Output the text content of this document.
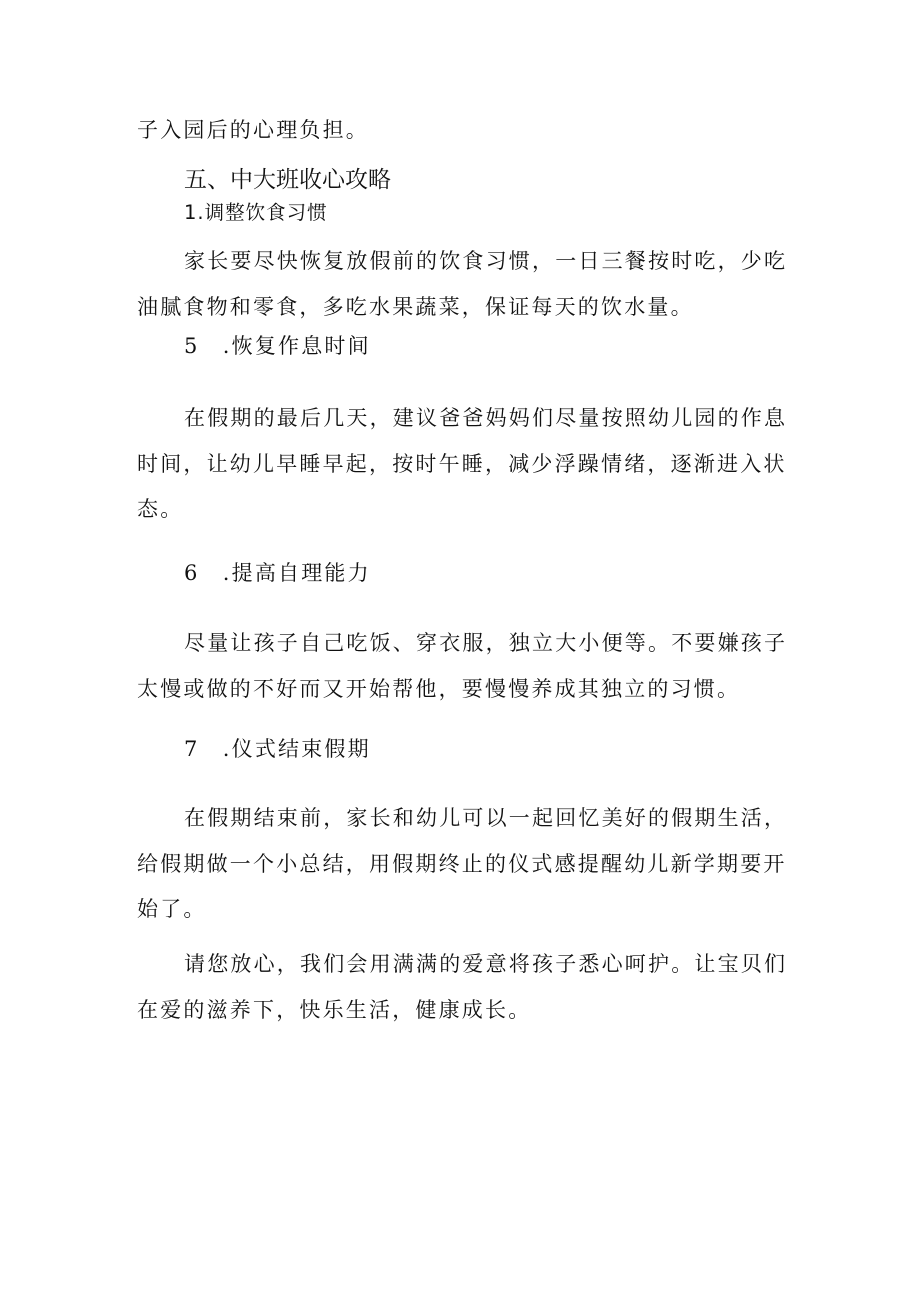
子入园后的心理负担。

五、中大班收心攻略

1.调整饮食习惯

家长要尽快恢复放假前的饮食习惯，一日三餐按时吃，少吃油腻食物和零食，多吃水果蔬菜，保证每天的饮水量。

5　.恢复作息时间

在假期的最后几天，建议爸爸妈妈们尽量按照幼儿园的作息时间，让幼儿早睡早起，按时午睡，减少浮躁情绪，逐渐进入状态。

6　.提高自理能力

尽量让孩子自己吃饭、穿衣服，独立大小便等。不要嫌孩子太慢或做的不好而又开始帮他，要慢慢养成其独立的习惯。

7　.仪式结束假期

在假期结束前，家长和幼儿可以一起回忆美好的假期生活，给假期做一个小总结，用假期终止的仪式感提醒幼儿新学期要开始了。

请您放心，我们会用满满的爱意将孩子悉心呵护。让宝贝们在爱的滋养下，快乐生活，健康成长。
